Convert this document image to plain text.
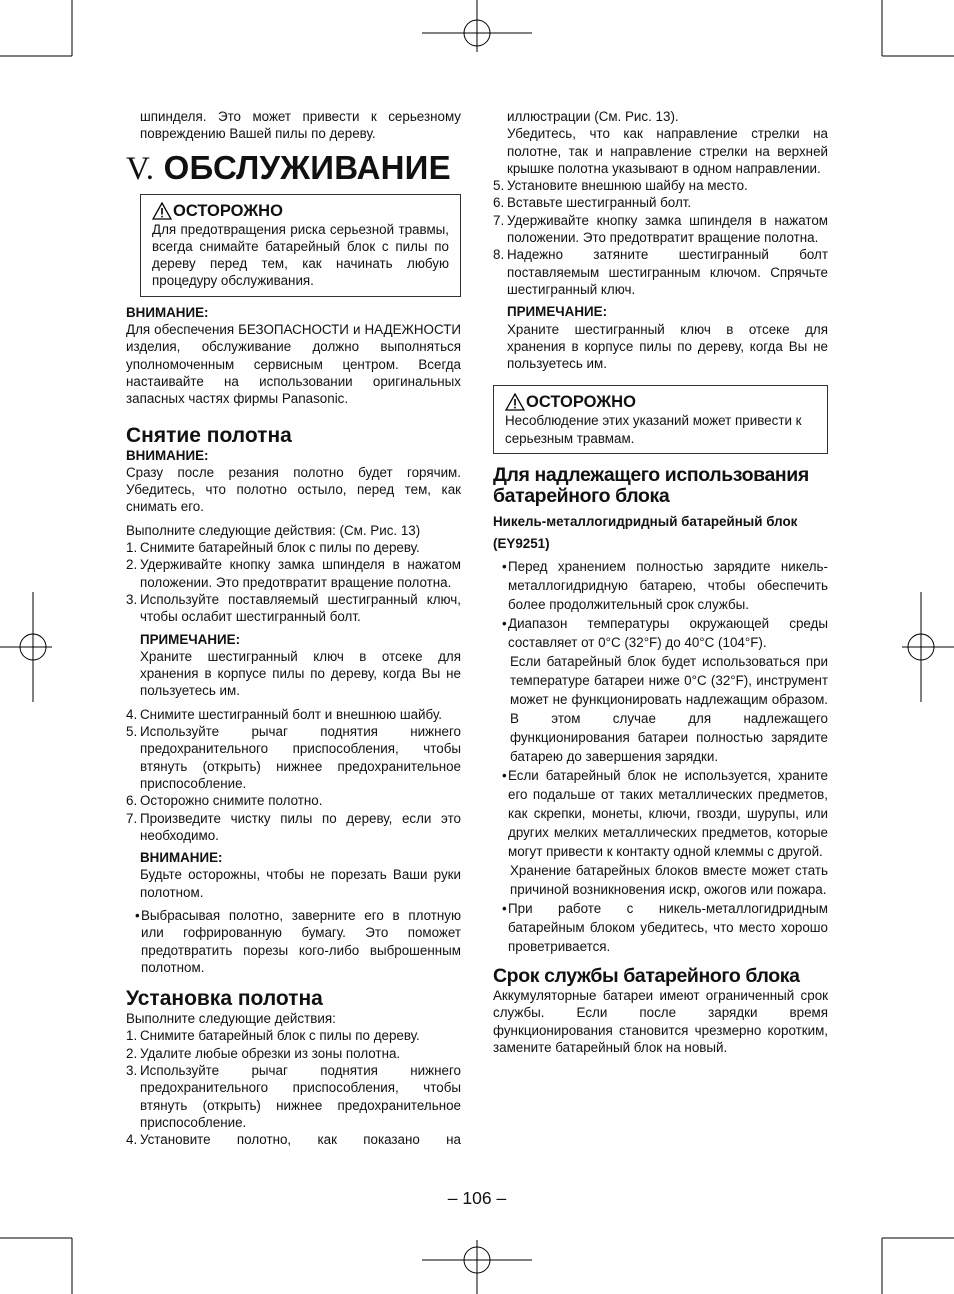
шпинделя. Это может привести к серьезному повреждению Вашей пилы по дереву.

V. ОБСЛУЖИВАНИЕ
ОСТОРОЖНО

Для предотвращения риска серьезной травмы, всегда снимайте батарейный блок с пилы по дереву перед тем, как начинать любую процедуру обслуживания.

ВНИМАНИЕ:

Для обеспечения БЕЗОПАСНОСТИ и НАДЕЖНОСТИ изделия, обслуживание должно выполняться уполномоченным сервисным центром. Всегда настаивайте на использовании оригинальных запасных частях фирмы Panasonic.

Снятие полотна

ВНИМАНИЕ:

Сразу после резания полотно будет горячим. Убедитесь, что полотно остыло, перед тем, как снимать его.

Выполните следующие действия: (См. Рис. 13)

1. Снимите батарейный блок с пилы по дереву.
2. Удерживайте кнопку замка шпинделя в нажатом положении. Это предотвратит вращение полотна.
3. Используйте поставляемый шестигранный ключ, чтобы ослабит шестигранный болт.

ПРИМЕЧАНИЕ:

Храните шестигранный ключ в отсеке для хранения в корпусе пилы по дереву, когда Вы не пользуетесь им.

4. Снимите шестигранный болт и внешнюю шайбу.
5. Используйте рычаг поднятия нижнего предохранительного приспособления, чтобы втянуть (открыть) нижнее предохранительное приспособление.
6. Осторожно снимите полотно.
7. Произведите чистку пилы по дереву, если это необходимо.

ВНИМАНИЕ:

Будьте осторожны, чтобы не порезать Ваши руки полотном.

• Выбрасывая полотно, заверните его в плотную или гофрированную бумагу. Это поможет предотвратить порезы кого-либо выброшенным полотном.

Установка полотна

Выполните следующие действия:

1. Снимите батарейный блок с пилы по дереву.
2. Удалите любые обрезки из зоны полотна.
3. Используйте рычаг поднятия нижнего предохранительного приспособления, чтобы втянуть (открыть) нижнее предохранительное приспособление.
4. Установите полотно, как показано на

иллюстрации (См. Рис. 13).

Убедитесь, что как направление стрелки на полотне, так и направление стрелки на верхней крышке полотна указывают в одном направлении.

5. Установите внешнюю шайбу на место.
6. Вставьте шестигранный болт.
7. Удерживайте кнопку замка шпинделя в нажатом положении. Это предотвратит вращение полотна.
8. Надежно затяните шестигранный болт поставляемым шестигранным ключом. Спрячьте шестигранный ключ.

ПРИМЕЧАНИЕ:

Храните шестигранный ключ в отсеке для хранения в корпусе пилы по дереву, когда Вы не пользуетесь им.

ОСТОРОЖНО

Несоблюдение этих указаний может привести к серьезным травмам.

Для надлежащего использования батарейного блока

Никель-металлогидридный батарейный блок (EY9251)

• Перед хранением полностью зарядите никель-металлогидридную батарею, чтобы обеспечить более продолжительный срок службы.
• Диапазон температуры окружающей среды составляет от 0°C (32°F) до 40°C (104°F).

Если батарейный блок будет использоваться при температуре батареи ниже 0°C (32°F), инструмент может не функционировать надлежащим образом. В этом случае для надлежащего функционирования батареи полностью зарядите батарею до завершения зарядки.

• Если батарейный блок не используется, храните его подальше от таких металлических предметов, как скрепки, монеты, ключи, гвозди, шурупы, или других мелких металлических предметов, которые могут привести к контакту одной клеммы с другой.

Хранение батарейных блоков вместе может стать причиной возникновения искр, ожогов или пожара.

• При работе с никель-металлогидридным батарейным блоком убедитесь, что место хорошо проветривается.

Срок службы батарейного блока

Аккумуляторные батареи имеют ограниченный срок службы. Если после зарядки время функционирования становится чрезмерно коротким, замените батарейный блок на новый.

– 106 –
